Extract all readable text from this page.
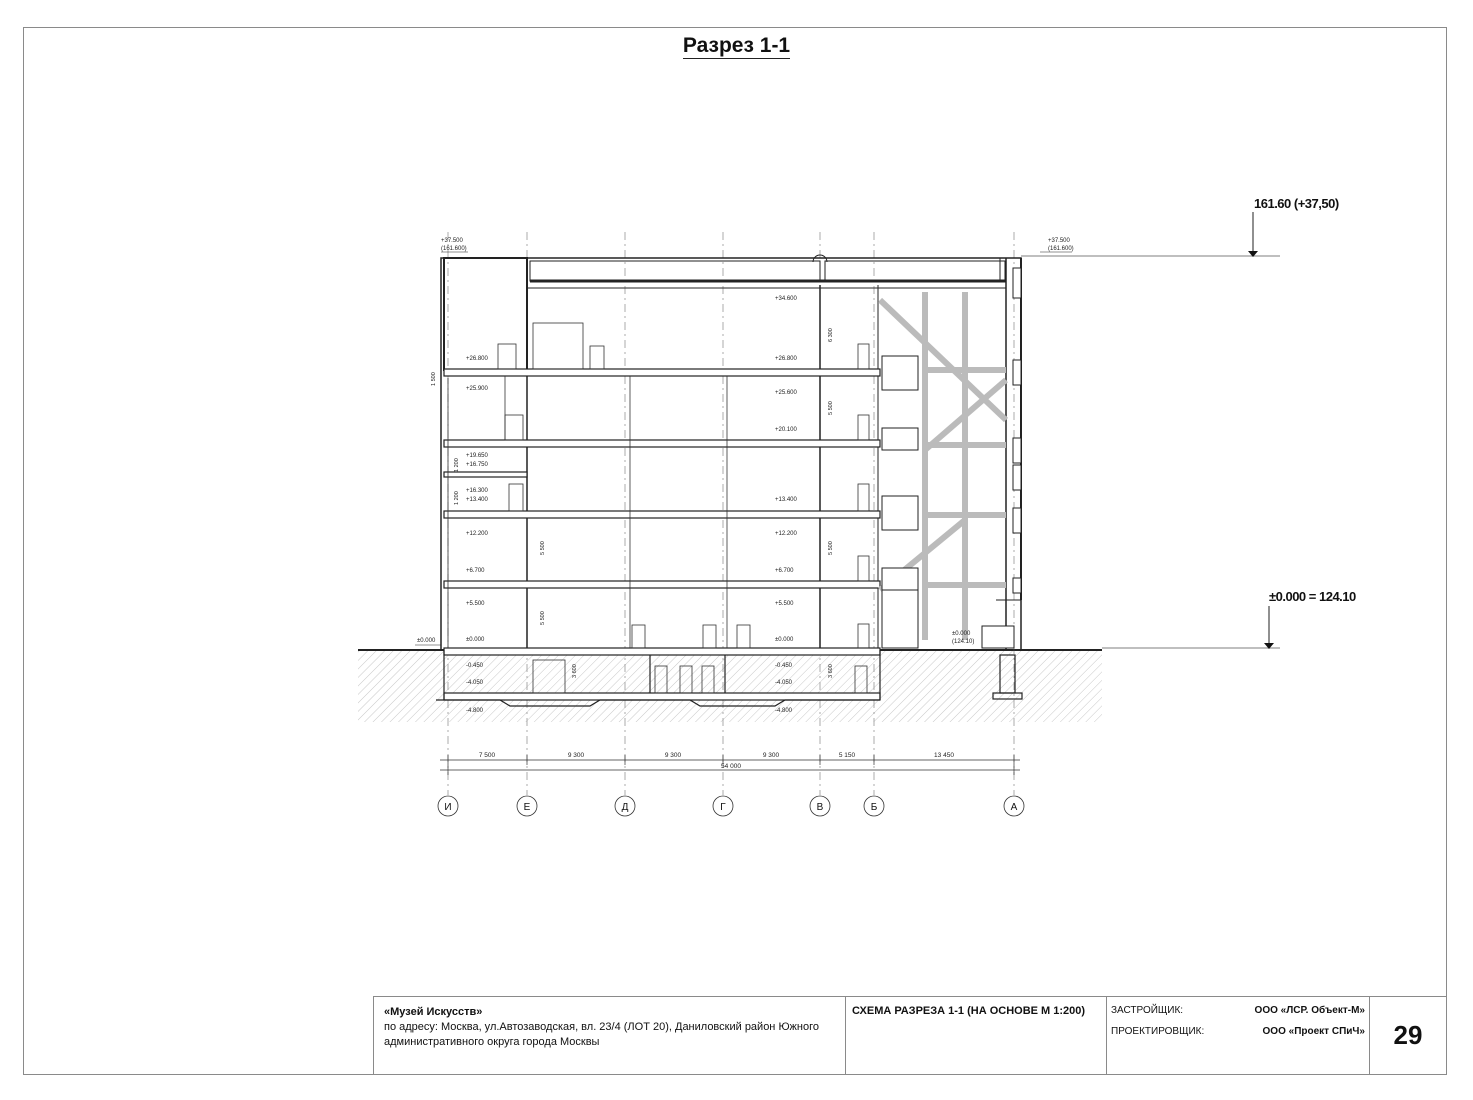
Разрез 1-1
+26.800
+25.900
+19.650
+16.750
+16.300
+13.400
+12.200
+6.700
+5.500
±0.000
-0.450
-4.050
-4.800
+34.600
+26.800
+25.600
+20.100
+13.400
+12.200
+6.700
+5.500
±0.000
-0.450
-4.050
-4.800
1 500
1 200
1 200
5 500
5 500
5 500
6 300
5 500
3 600	3 600
+37.500
(161.600)
+37.500
(161.600)
±0.000
±0.000
(124.10)
161.60 (+37,50)
±0.000 = 124.10
7 500	9 300	9 300	9 300	5 150	13 450
54 000
И	Е	Д	Г	В	Б	А
«Музей Искусств»
по адресу: Москва, ул.Автозаводская, вл. 23/4 (ЛОТ 20), Даниловский район Южного административного округа города Москвы
СХЕМА РАЗРЕЗА 1-1 (НА ОСНОВЕ М 1:200)	ЗАСТРОЙЩИК:	ООО «ЛСР. Объект-М»
ПРОЕКТИРОВЩИК:	ООО «Проект СПиЧ»	29
